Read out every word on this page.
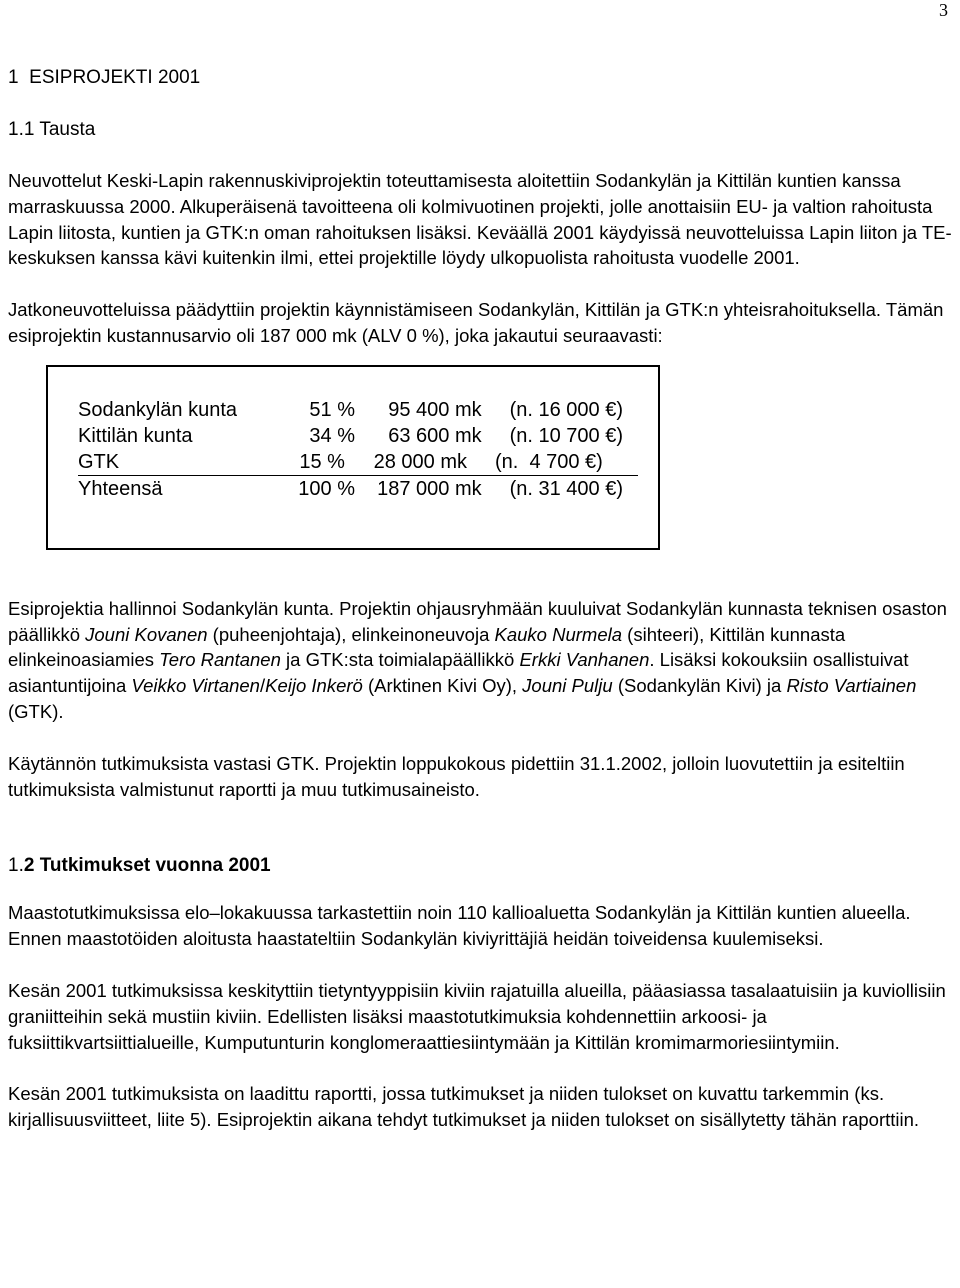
3
1 ESIPROJEKTI 2001
1.1 Tausta

Neuvottelut Keski-Lapin rakennuskiviprojektin toteuttamisesta aloitettiin Sodankylän ja Kittilän kuntien kanssa marraskuussa 2000. Alkuperäisenä tavoitteena oli kolmivuotinen projekti, jolle anottaisiin EU- ja valtion rahoitusta Lapin liitosta, kuntien ja GTK:n oman rahoituksen lisäksi. Keväällä 2001 käydyissä neuvotteluissa Lapin liiton ja TE-keskuksen kanssa kävi kuitenkin ilmi, ettei projektille löydy ulkopuolista rahoitusta vuodelle 2001.

Jatkoneuvotteluissa päädyttiin projektin käynnistämiseen Sodankylän, Kittilän ja GTK:n yhteisrahoituksella. Tämän esiprojektin kustannusarvio oli 187 000 mk (ALV 0 %), joka jakautui seuraavasti:

Sodankylän kunta	51 %	95 400 mk	(n. 16 000 €)
Kittilän kunta	34 %	63 600 mk	(n. 10 700 €)
GTK	15 %	28 000 mk	(n.  4 700 €)
Yhteensä	100 %	187 000 mk	(n. 31 400 €)

Esiprojektia hallinnoi Sodankylän kunta. Projektin ohjausryhmään kuuluivat Sodankylän kunnasta teknisen osaston päällikkö Jouni Kovanen (puheenjohtaja), elinkeinoneuvoja Kauko Nurmela (sihteeri), Kittilän kunnasta elinkeinoasiamies Tero Rantanen ja GTK:sta toimialapäällikkö Erkki Vanhanen. Lisäksi kokouksiin osallistuivat asiantuntijoina Veikko Virtanen/Keijo Inkerö (Arktinen Kivi Oy), Jouni Pulju (Sodankylän Kivi) ja Risto Vartiainen (GTK).

Käytännön tutkimuksista vastasi GTK. Projektin loppukokous pidettiin 31.1.2002, jolloin luovutettiin ja esiteltiin tutkimuksista valmistunut raportti ja muu tutkimusaineisto.

1.2 Tutkimukset vuonna 2001

Maastotutkimuksissa elo–lokakuussa tarkastettiin noin 110 kallioaluetta Sodankylän ja Kittilän kuntien alueella. Ennen maastotöiden aloitusta haastateltiin Sodankylän kiviyrittäjiä heidän toiveidensa kuulemiseksi.

Kesän 2001 tutkimuksissa keskityttiin tietyntyyppisiin kiviin rajatuilla alueilla, pääasiassa tasalaatuisiin ja kuviollisiin graniitteihin sekä mustiin kiviin. Edellisten lisäksi maastotutkimuksia kohdennettiin arkoosi- ja fuksiittikvartsiittialueille, Kumputunturin konglomeraattiesiintymään ja Kittilän kromimarmoriesiintymiin.

Kesän 2001 tutkimuksista on laadittu raportti, jossa tutkimukset ja niiden tulokset on kuvattu tarkemmin (ks. kirjallisuusviitteet, liite 5). Esiprojektin aikana tehdyt tutkimukset ja niiden tulokset on sisällytetty tähän raporttiin.
